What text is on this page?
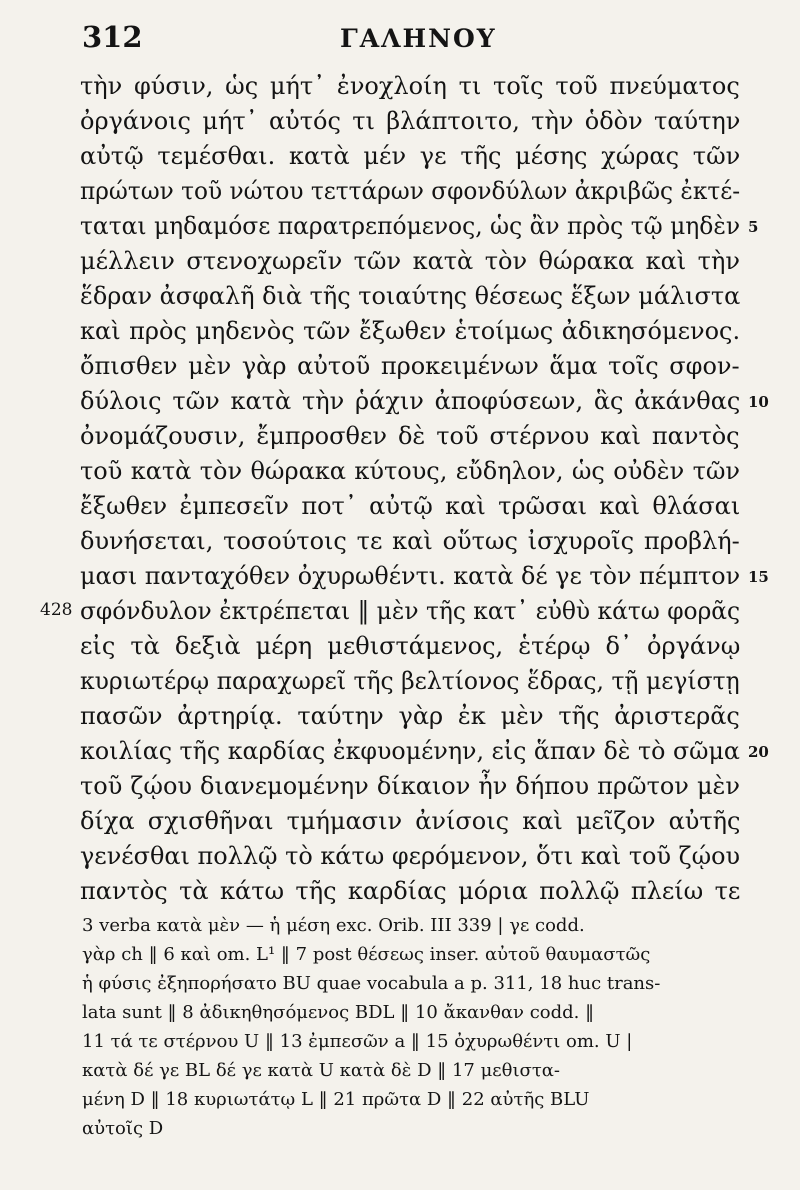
312	ΓΑΛΗΝΟΥ
τὴν φύσιν, ὡς μήτ᾽ ἐνοχλοίη τι τοῖς τοῦ πνεύματος
ὀργάνοις μήτ᾽ αὐτός τι βλάπτοιτο, τὴν ὁδὸν ταύτην
αὐτῷ τεμέσθαι. κατὰ μέν γε τῆς μέσης χώρας τῶν
πρώτων τοῦ νώτου τεττάρων σφονδύλων ἀκριβῶς ἐκτέ-
ταται μηδαμόσε παρατρεπόμενος, ὡς ἂν πρὸς τῷ μηδὲν
μέλλειν στενοχωρεῖν τῶν κατὰ τὸν θώρακα καὶ τὴν
ἕδραν ἀσφαλῆ διὰ τῆς τοιαύτης θέσεως ἕξων μάλιστα
καὶ πρὸς μηδενὸς τῶν ἔξωθεν ἑτοίμως ἀδικησόμενος.
ὄπισθεν μὲν γὰρ αὐτοῦ προκειμένων ἅμα τοῖς σφον-
δύλοις τῶν κατὰ τὴν ῥάχιν ἀποφύσεων, ἃς ἀκάνθας
ὀνομάζουσιν, ἔμπροσθεν δὲ τοῦ στέρνου καὶ παντὸς
τοῦ κατὰ τὸν θώρακα κύτους, εὔδηλον, ὡς οὐδὲν τῶν
ἔξωθεν ἐμπεσεῖν ποτ᾽ αὐτῷ καὶ τρῶσαι καὶ θλάσαι
δυνήσεται, τοσούτοις τε καὶ οὕτως ἰσχυροῖς προβλή-
μασι πανταχόθεν ὀχυρωθέντι. κατὰ δέ γε τὸν πέμπτον
σφόνδυλον ἐκτρέπεται ‖ μὲν τῆς κατ᾽ εὐθὺ κάτω φορᾶς
εἰς τὰ δεξιὰ μέρη μεθιστάμενος, ἑτέρῳ δ᾽ ὀργάνῳ
κυριωτέρῳ παραχωρεῖ τῆς βελτίονος ἕδρας, τῇ μεγίστῃ
πασῶν ἀρτηρίᾳ. ταύτην γὰρ ἐκ μὲν τῆς ἀριστερᾶς
κοιλίας τῆς καρδίας ἐκφυομένην, εἰς ἅπαν δὲ τὸ σῶμα
τοῦ ζῴου διανεμομένην δίκαιον ἦν δήπου πρῶτον μὲν
δίχα σχισθῆναι τμήμασιν ἀνίσοις καὶ μεῖζον αὐτῆς
γενέσθαι πολλῷ τὸ κάτω φερόμενον, ὅτι καὶ τοῦ ζῴου
παντὸς τὰ κάτω τῆς καρδίας μόρια πολλῷ πλείω τε
5
10
15
20
428
3 verba κατὰ μὲν — ἡ μέση exc. Orib. III 339 | γε codd.
γὰρ ch ‖ 6 καὶ om. L¹ ‖ 7 post θέσεως inser. αὐτοῦ θαυμαστῶς
ἡ φύσις ἐξηπορήσατο BU quae vocabula a p. 311, 18 huc trans-
lata sunt ‖ 8 ἀδικηθησόμενος BDL ‖ 10 ἄκανθαν codd. ‖
11 τά τε στέρνου U ‖ 13 ἐμπεσῶν a ‖ 15 ὀχυρωθέντι om. U |
κατὰ δέ γε BL δέ γε κατὰ U κατὰ δὲ D ‖ 17 μεθιστα-
μένη D ‖ 18 κυριωτάτῳ L ‖ 21 πρῶτα D ‖ 22 αὐτῆς BLU
αὐτοῖς D
